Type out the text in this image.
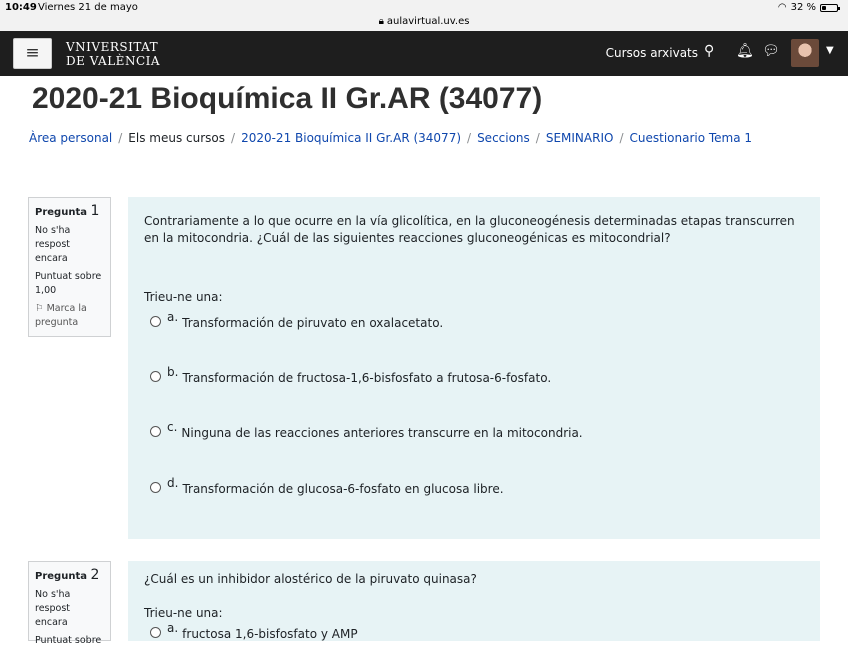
10:49 Viernes 21 de mayo	◠ 32 %
🔒︎ aulavirtual.uv.es
≡	VNIVERSITAT
DE VALÈNCIA
Cursos arxivats ⚲ 🔔︎ 💬︎	▼
2020-21 Bioquímica II Gr.AR (34077)
Àrea personal / Els meus cursos / 2020-21 Bioquímica II Gr.AR (34077) / Seccions / SEMINARIO / Cuestionario Tema 1
Pregunta 1

No s'ha respost encara

Puntuat sobre 1,00

⚐ Marca la pregunta

Contrariamente a lo que ocurre en la vía glicolítica, en la gluconeogénesis determinadas etapas transcurren en la mitocondria. ¿Cuál de las siguientes reacciones gluconeogénicas es mitocondrial?
Trieu-ne una:
a. Transformación de piruvato en oxalacetato.
b. Transformación de fructosa-1,6-bisfosfato a frutosa-6-fosfato.
c. Ninguna de las reacciones anteriores transcurre en la mitocondria.
d. Transformación de glucosa-6-fosfato en glucosa libre.
Pregunta 2

No s'ha respost encara

Puntuat sobre

¿Cuál es un inhibidor alostérico de la piruvato quinasa?
Trieu-ne una:
a. fructosa 1,6-bisfosfato y AMP
